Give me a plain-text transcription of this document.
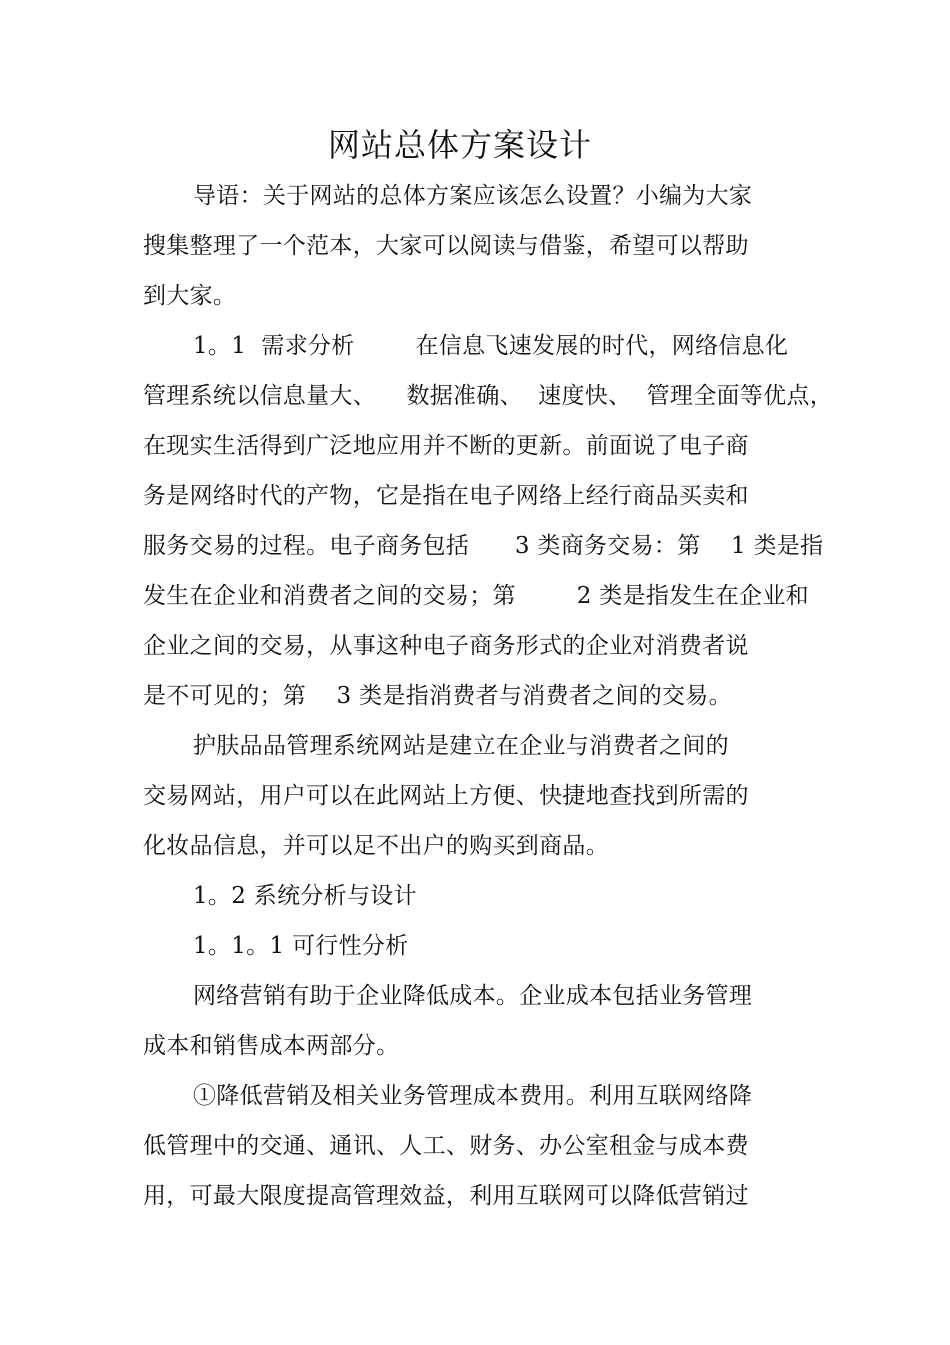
网站总体方案设计
导语：关于网站的总体方案应该怎么设置？小编为大家
搜集整理了一个范本，大家可以阅读与借鉴，希望可以帮助
到大家。
1。1  需求分析        在信息飞速发展的时代，网络信息化
管理系统以信息量大、    数据准确、  速度快、  管理全面等优点，
在现实生活得到广泛地应用并不断的更新。前面说了电子商
务是网络时代的产物，它是指在电子网络上经行商品买卖和
服务交易的过程。电子商务包括      3 类商务交易：第    1 类是指
发生在企业和消费者之间的交易；第        2 类是指发生在企业和
企业之间的交易，从事这种电子商务形式的企业对消费者说
是不可见的；第    3 类是指消费者与消费者之间的交易。
护肤品品管理系统网站是建立在企业与消费者之间的
交易网站，用户可以在此网站上方便、快捷地查找到所需的
化妆品信息，并可以足不出户的购买到商品。
1。2 系统分析与设计
1。1。1 可行性分析
网络营销有助于企业降低成本。企业成本包括业务管理
成本和销售成本两部分。
①降低营销及相关业务管理成本费用。利用互联网络降
低管理中的交通、通讯、人工、财务、办公室租金与成本费
用，可最大限度提高管理效益，利用互联网可以降低营销过
